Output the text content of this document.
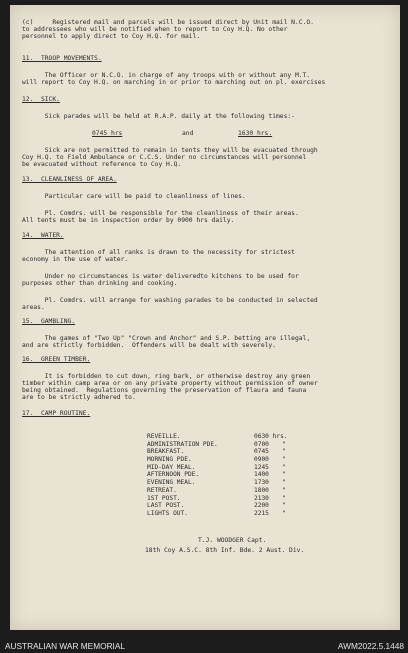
(c)     Registered mail and parcels will be issued direct by Unit mail N.C.O.
to addressees who will be notified when to report to Coy H.Q. No other
personnel to apply direct to Coy H.Q. for mail.
11.  TROOP MOVEMENTS.
The Officer or N.C.O. in charge of any troops with or without any M.T.
will report to Coy H.Q. on marching in or prior to marching out on pl. exercises
12.  SICK.
Sick parades will be held at R.A.P. daily at the following times:-
0745 hrs	and	1630 hrs.
Sick are not permitted to remain in tents they will be evacuated through
Coy H.Q. to Field Ambulance or C.C.S. Under no circumstances will personnel
be evacuated without reference to Coy H.Q.
13.  CLEANLINESS OF AREA.
Particular care will be paid to cleanliness of lines.
Pl. Comdrs. will be responsible for the cleanliness of their areas.
All tents must be in inspection order by 0900 hrs daily.
14.  WATER.
The attention of all ranks is drawn to the necessity for strictest
economy in the use of water.
Under no circumstances is water deliveredto kitchens to be used for
purposes other than drinking and cooking.
Pl. Comdrs. will arrange for washing parades to be conducted in selected
areas.
15.  GAMBLING.
The games of "Two Up" "Crown and Anchor" and S.P. betting are illegal,
and are strictly forbidden.  Offenders will be dealt with severely.
16.  GREEN TIMBER.
It is forbidden to cut down, ring bark, or otherwise destroy any green
timber within camp area or on any private property without permission of owner
being obtained.  Regulations governing the preservation of flaura and fauna
are to be strictly adhered to.
17.  CAMP ROUTINE.
REVEILLE.	0630 hrs.
ADMINISTRATION PDE.	0700 "
BREAKFAST.	0745 "
MORNING PDE.	0900 "
MID-DAY MEAL.	1245 "
AFTERNOON PDE.	1400 "
EVENING MEAL.	1730 "
RETREAT.	1800 "
1ST POST.	2130 "
LAST POST.	2200 "
LIGHTS OUT.	2215 "
T.J. WOODGER Capt.
18th Coy A.S.C. 8th Inf. Bde. 2 Aust. Div.
AUSTRALIAN WAR MEMORIAL	AWM2022.5.1448
